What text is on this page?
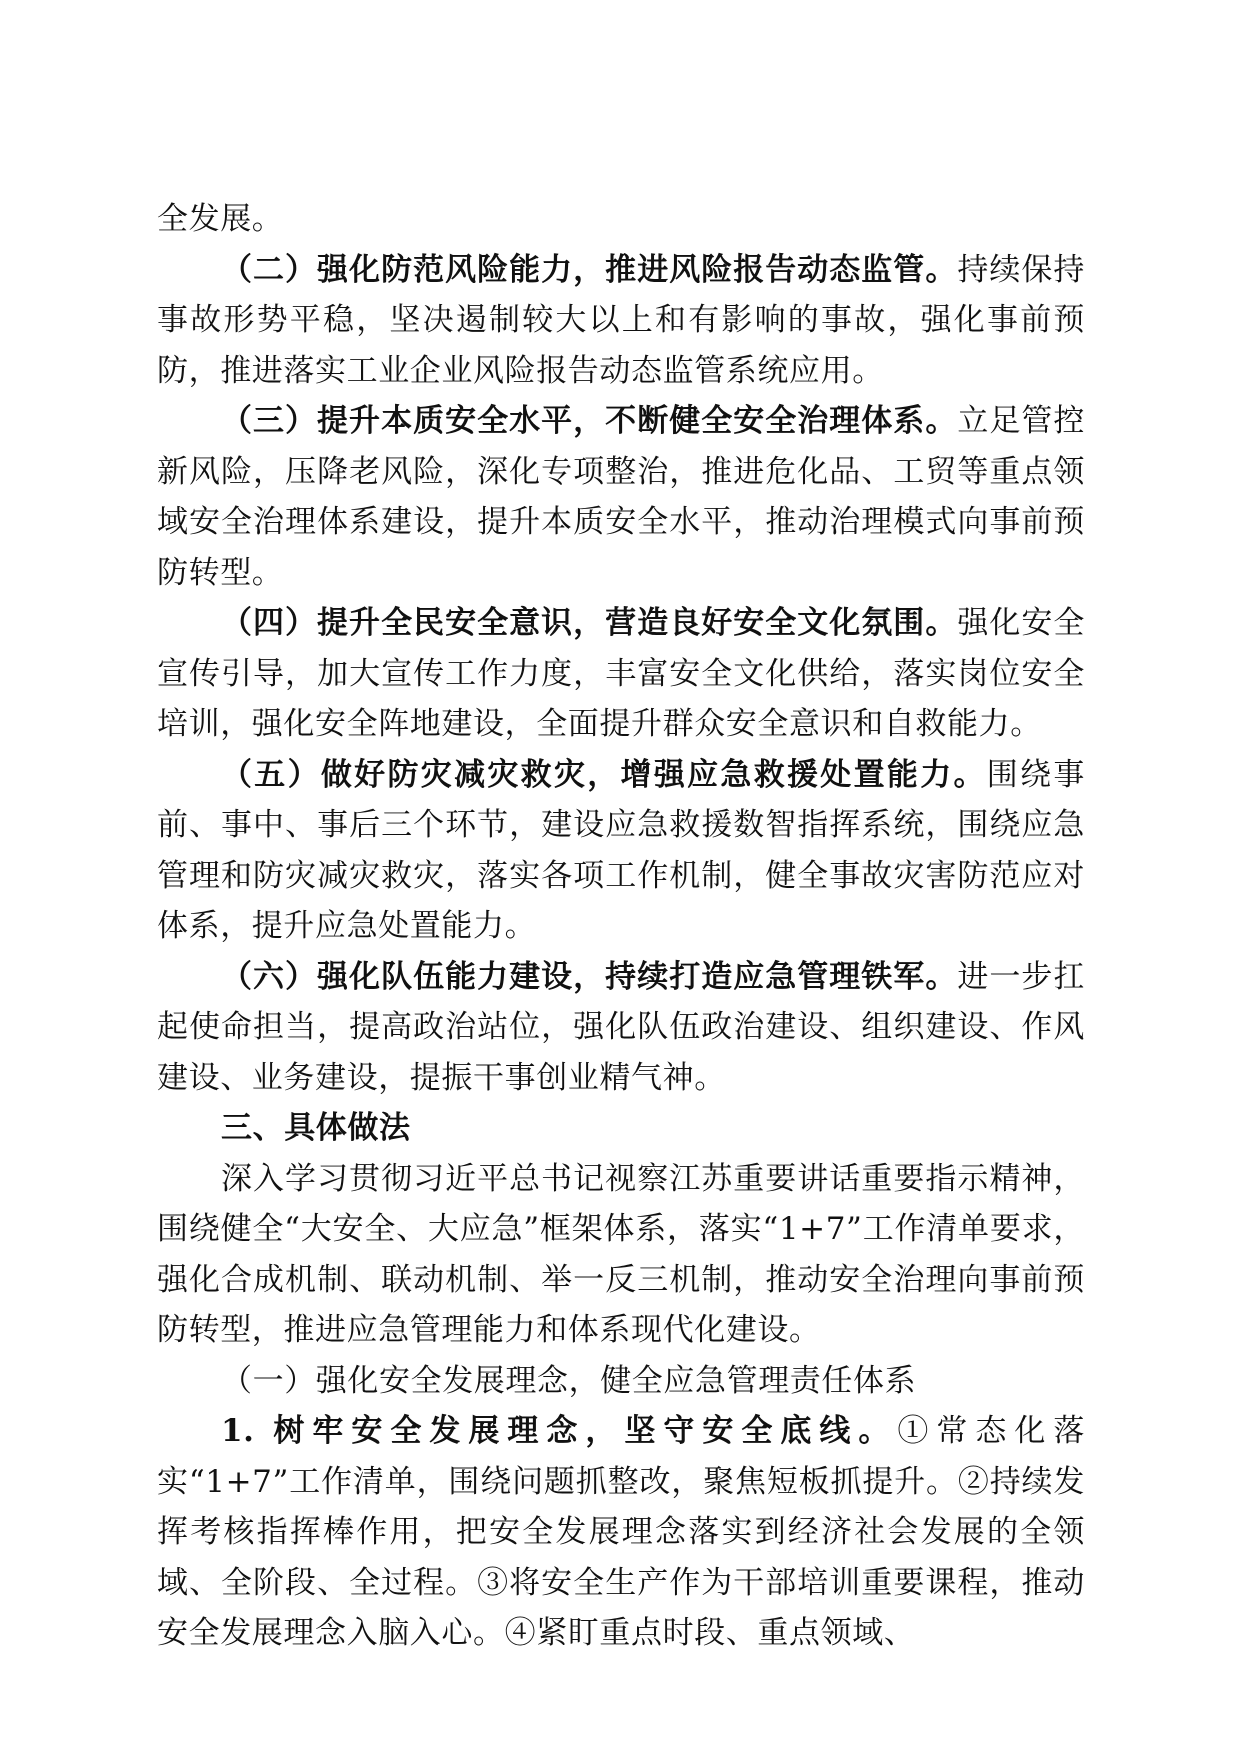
全发展。

（二）强化防范风险能力，推进风险报告动态监管。持续保持事故形势平稳，坚决遏制较大以上和有影响的事故，强化事前预防，推进落实工业企业风险报告动态监管系统应用。

（三）提升本质安全水平，不断健全安全治理体系。立足管控新风险，压降老风险，深化专项整治，推进危化品、工贸等重点领域安全治理体系建设，提升本质安全水平，推动治理模式向事前预防转型。

（四）提升全民安全意识，营造良好安全文化氛围。强化安全宣传引导，加大宣传工作力度，丰富安全文化供给，落实岗位安全培训，强化安全阵地建设，全面提升群众安全意识和自救能力。

（五）做好防灾减灾救灾，增强应急救援处置能力。围绕事前、事中、事后三个环节，建设应急救援数智指挥系统，围绕应急管理和防灾减灾救灾，落实各项工作机制，健全事故灾害防范应对体系，提升应急处置能力。

（六）强化队伍能力建设，持续打造应急管理铁军。进一步扛起使命担当，提高政治站位，强化队伍政治建设、组织建设、作风建设、业务建设，提振干事创业精气神。

三、具体做法

深入学习贯彻习近平总书记视察江苏重要讲话重要指示精神，围绕健全“大安全、大应急”框架体系，落实“1+7”工作清单要求，强化合成机制、联动机制、举一反三机制，推动安全治理向事前预防转型，推进应急管理能力和体系现代化建设。

（一）强化安全发展理念，健全应急管理责任体系

1. 树牢安全发展理念，坚守安全底线。①常态化落实“1+7”工作清单，围绕问题抓整改，聚焦短板抓提升。②持续发挥考核指挥棒作用，把安全发展理念落实到经济社会发展的全领域、全阶段、全过程。③将安全生产作为干部培训重要课程，推动安全发展理念入脑入心。④紧盯重点时段、重点领域、
